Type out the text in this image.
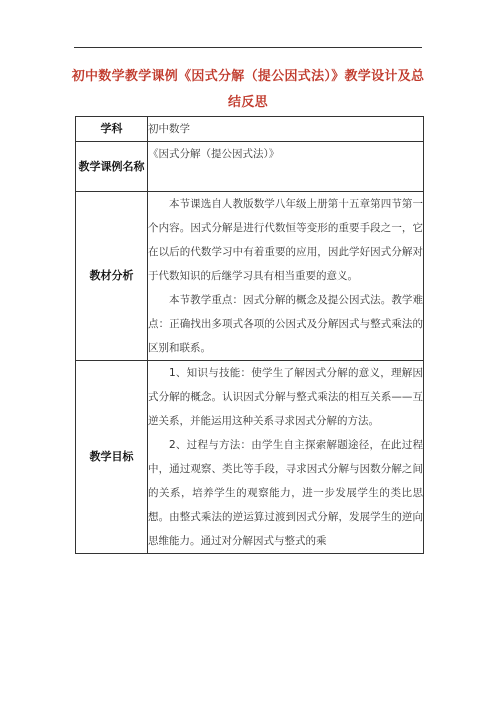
初中数学教学课例《因式分解（提公因式法）》教学设计及总结反思
学科	初中数学
教学课例名称	《因式分解（提公因式法）》
教材分析	本节课选自人教版数学八年级上册第十五章第四节第一个内容。因式分解是进行代数恒等变形的重要手段之一，它在以后的代数学习中有着重要的应用，因此学好因式分解对于代数知识的后继学习具有相当重要的意义。
本节教学重点：因式分解的概念及提公因式法。教学难点：正确找出多项式各项的公因式及分解因式与整式乘法的区别和联系。

教学目标	1、知识与技能：使学生了解因式分解的意义，理解因式分解的概念。认识因式分解与整式乘法的相互关系——互逆关系，并能运用这种关系寻求因式分解的方法。
2、过程与方法：由学生自主探索解题途径，在此过程中，通过观察、类比等手段，寻求因式分解与因数分解之间的关系，培养学生的观察能力，进一步发展学生的类比思想。由整式乘法的逆运算过渡到因式分解，发展学生的逆向思维能力。通过对分解因式与整式的乘
